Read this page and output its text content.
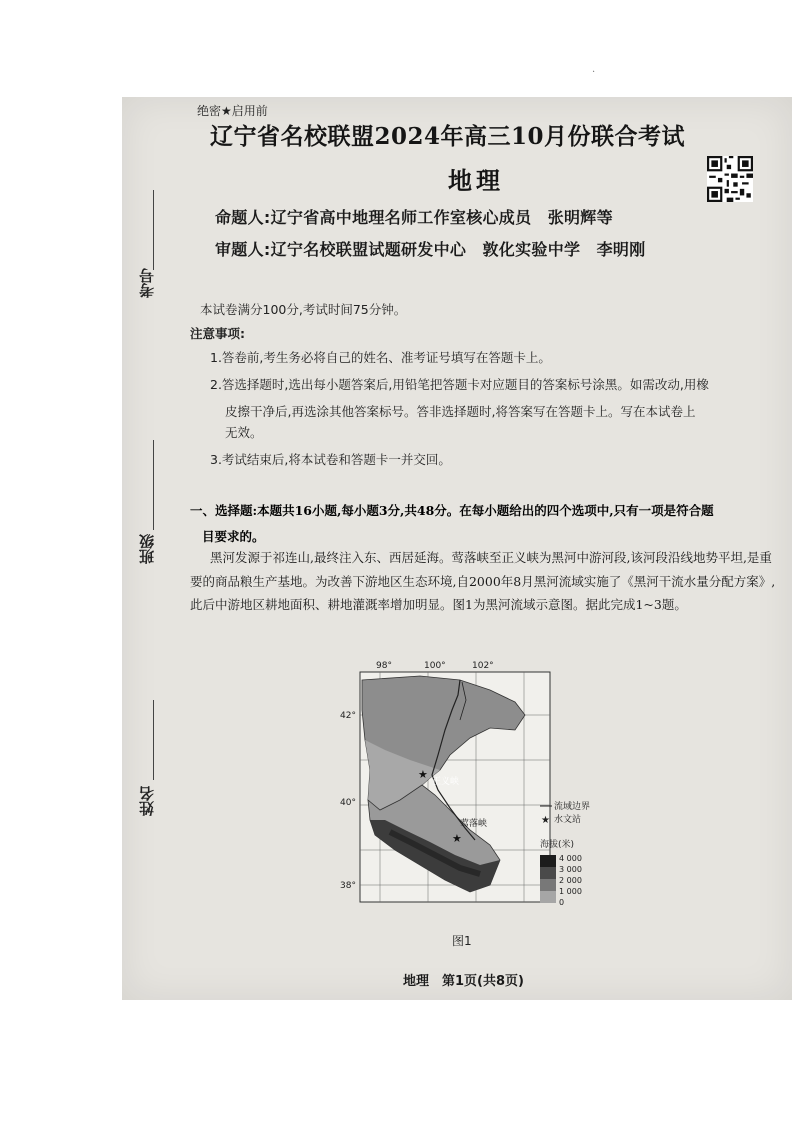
.
绝密★启用前
辽宁省名校联盟2024年高三10月份联合考试
地理
命题人:辽宁省高中地理名师工作室核心成员　张明辉等
审题人:辽宁名校联盟试题研发中心　敦化实验中学　李明刚
考号
班级
姓名
本试卷满分100分,考试时间75分钟。
注意事项:
1.答卷前,考生务必将自己的姓名、准考证号填写在答题卡上。
2.答选择题时,选出每小题答案后,用铅笔把答题卡对应题目的答案标号涂黑。如需改动,用橡
皮擦干净后,再选涂其他答案标号。答非选择题时,将答案写在答题卡上。写在本试卷上
无效。
3.考试结束后,将本试卷和答题卡一并交回。
一、选择题:本题共16小题,每小题3分,共48分。在每小题给出的四个选项中,只有一项是符合题
目要求的。
黑河发源于祁连山,最终注入东、西居延海。莺落峡至正义峡为黑河中游河段,该河段沿线地势平坦,是重要的商品粮生产基地。为改善下游地区生态环境,自2000年8月黑河流域实施了《黑河干流水量分配方案》,此后中游地区耕地面积、耕地灌溉率增加明显。图1为黑河流域示意图。据此完成1~3题。
正义峡
★
莺落峡
★
98°	100°	102°
42°
40°
38°
流域边界
★ 水文站
海拔(米)
4 000
3 000
2 000
1 000
0
图1
地理　第1页(共8页)
